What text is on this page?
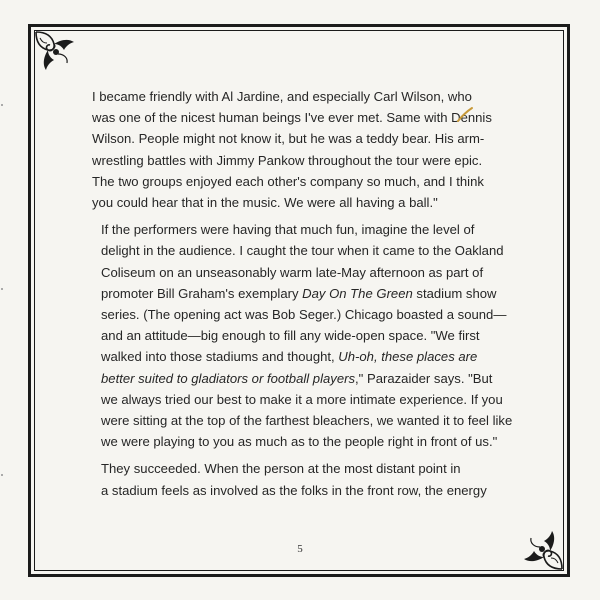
I became friendly with Al Jardine, and especially Carl Wilson, who
was one of the nicest human beings I've ever met. Same with Dennis
Wilson. People might not know it, but he was a teddy bear. His arm-
wrestling battles with Jimmy Pankow throughout the tour were epic.
The two groups enjoyed each other's company so much, and I think
you could hear that in the music. We were all having a ball."

If the performers were having that much fun, imagine the level of
delight in the audience. I caught the tour when it came to the Oakland
Coliseum on an unseasonably warm late-May afternoon as part of
promoter Bill Graham's exemplary Day On The Green stadium show
series. (The opening act was Bob Seger.) Chicago boasted a sound—
and an attitude—big enough to fill any wide-open space. "We first
walked into those stadiums and thought, Uh-oh, these places are
better suited to gladiators or football players," Parazaider says. "But
we always tried our best to make it a more intimate experience. If you
were sitting at the top of the farthest bleachers, we wanted it to feel like
we were playing to you as much as to the people right in front of us."

They succeeded. When the person at the most distant point in
a stadium feels as involved as the folks in the front row, the energy

5
